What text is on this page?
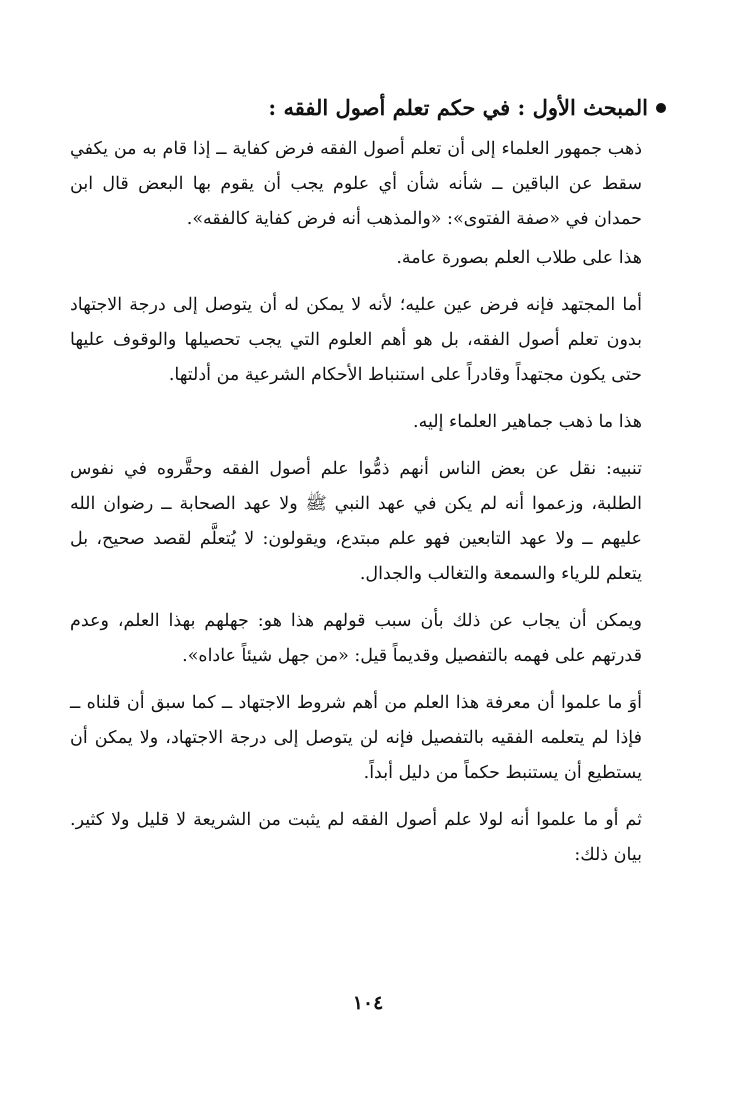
المبحث الأول : في حكم تعلم أصول الفقه :

ذهب جمهور العلماء إلى أن تعلم أصول الفقه فرض كفاية ــ إذا قام به من يكفي سقط عن الباقين ــ شأنه شأن أي علوم يجب أن يقوم بها البعض قال ابن حمدان في «صفة الفتوى»: «والمذهب أنه فرض كفاية كالفقه».

هذا على طلاب العلم بصورة عامة.

أما المجتهد فإنه فرض عين عليه؛ لأنه لا يمكن له أن يتوصل إلى درجة الاجتهاد بدون تعلم أصول الفقه، بل هو أهم العلوم التي يجب تحصيلها والوقوف عليها حتى يكون مجتهداً وقادراً على استنباط الأحكام الشرعية من أدلتها.

هذا ما ذهب جماهير العلماء إليه.

تنبيه: نقل عن بعض الناس أنهم ذمُّوا علم أصول الفقه وحقَّروه في نفوس الطلبة، وزعموا أنه لم يكن في عهد النبي ﷺ ولا عهد الصحابة ــ رضوان الله عليهم ــ ولا عهد التابعين فهو علم مبتدع، ويقولون: لا يُتعلَّم لقصد صحيح، بل يتعلم للرياء والسمعة والتغالب والجدال.

ويمكن أن يجاب عن ذلك بأن سبب قولهم هذا هو: جهلهم بهذا العلم، وعدم قدرتهم على فهمه بالتفصيل وقديماً قيل: «من جهل شيئاً عاداه».

أوَ ما علموا أن معرفة هذا العلم من أهم شروط الاجتهاد ــ كما سبق أن قلناه ــ فإذا لم يتعلمه الفقيه بالتفصيل فإنه لن يتوصل إلى درجة الاجتهاد، ولا يمكن أن يستطيع أن يستنبط حكماً من دليل أبداً.

ثم أو ما علموا أنه لولا علم أصول الفقه لم يثبت من الشريعة لا قليل ولا كثير. بيان ذلك:

١٠٤
